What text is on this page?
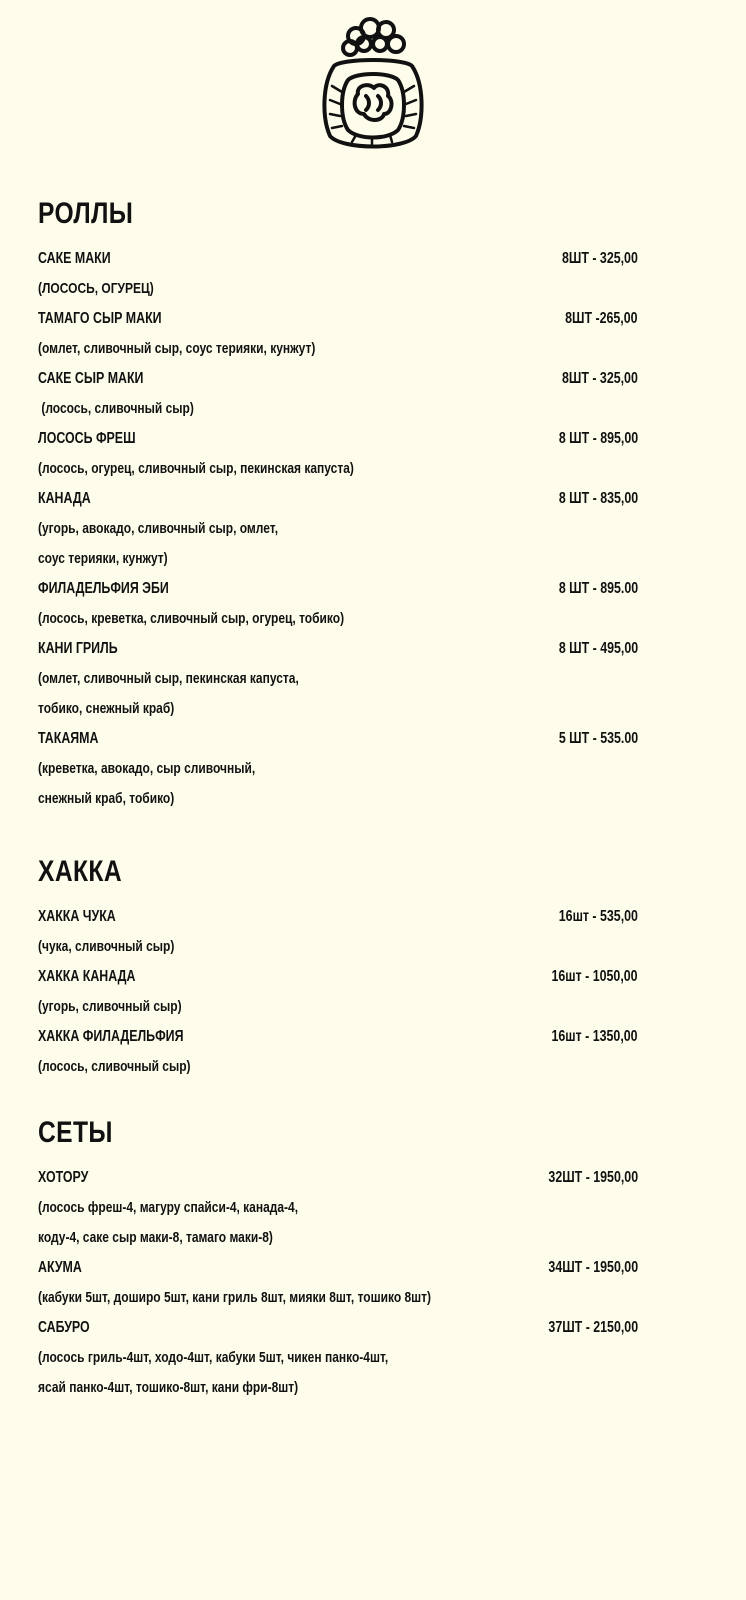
РОЛЛЫ
САКЕ МАКИ	8ШТ - 325,00
(ЛОСОСЬ, ОГУРЕЦ)
ТАМАГО СЫР МАКИ	8ШТ -265,00
(омлет, сливочный сыр, соус терияки, кунжут)
САКЕ СЫР МАКИ	8ШТ - 325,00
(лосось, сливочный сыр)
ЛОСОСЬ ФРЕШ	8 ШТ - 895,00
(лосось, огурец, сливочный сыр, пекинская капуста)
КАНАДА	8 ШТ - 835,00
(угорь, авокадо, сливочный сыр, омлет,
соус терияки, кунжут)
ФИЛАДЕЛЬФИЯ ЭБИ	8 ШТ - 895.00
(лосось, креветка, сливочный сыр, огурец, тобико)
КАНИ ГРИЛЬ	8 ШТ - 495,00
(омлет, сливочный сыр, пекинская капуста,
тобико, снежный краб)
ТАКАЯМА	5 ШТ - 535.00
(креветка, авокадо, сыр сливочный,
снежный краб, тобико)
ХАККА
ХАККА ЧУКА	16шт - 535,00
(чука, сливочный сыр)
ХАККА КАНАДА	16шт - 1050,00
(угорь, сливочный сыр)
ХАККА ФИЛАДЕЛЬФИЯ	16шт - 1350,00
(лосось, сливочный сыр)
СЕТЫ
ХОТОРУ	32ШТ - 1950,00
(лосось фреш-4, магуру спайси-4, канада-4,
коду-4, саке сыр маки-8, тамаго маки-8)
АКУМА	34ШТ - 1950,00
(кабуки 5шт, доширо 5шт, кани гриль 8шт, мияки 8шт, тошико 8шт)
САБУРО	37ШТ - 2150,00
(лосось гриль-4шт, ходо-4шт, кабуки 5шт, чикен панко-4шт,
ясай панко-4шт, тошико-8шт, кани фри-8шт)
